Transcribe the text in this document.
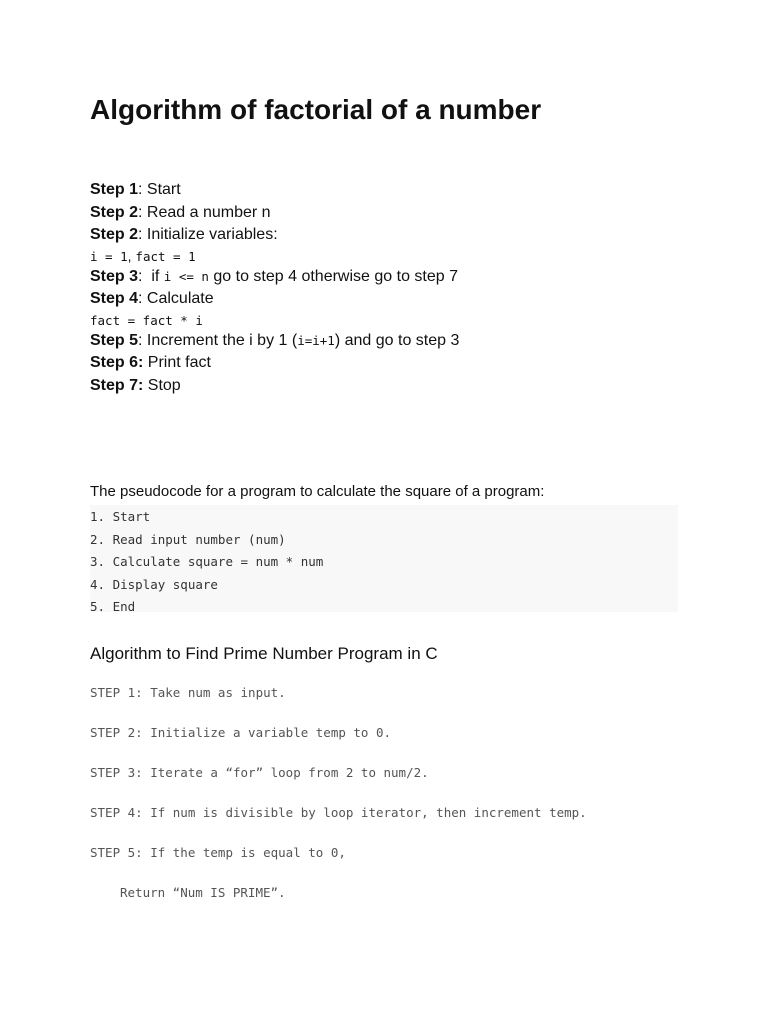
Algorithm of factorial of a number
Step 1: Start
Step 2: Read a number n
Step 2: Initialize variables:
i = 1, fact = 1
Step 3:  if i <= n go to step 4 otherwise go to step 7
Step 4: Calculate
fact = fact * i
Step 5: Increment the i by 1 (i=i+1) and go to step 3
Step 6: Print fact
Step 7: Stop

The pseudocode for a program to calculate the square of a program:

1. Start
2. Read input number (num)
3. Calculate square = num * num
4. Display square
5. End
Algorithm to Find Prime Number Program in C
STEP 1: Take num as input.
STEP 2: Initialize a variable temp to 0.
STEP 3: Iterate a “for” loop from 2 to num/2.
STEP 4: If num is divisible by loop iterator, then increment temp.
STEP 5: If the temp is equal to 0,
Return “Num IS PRIME”.
